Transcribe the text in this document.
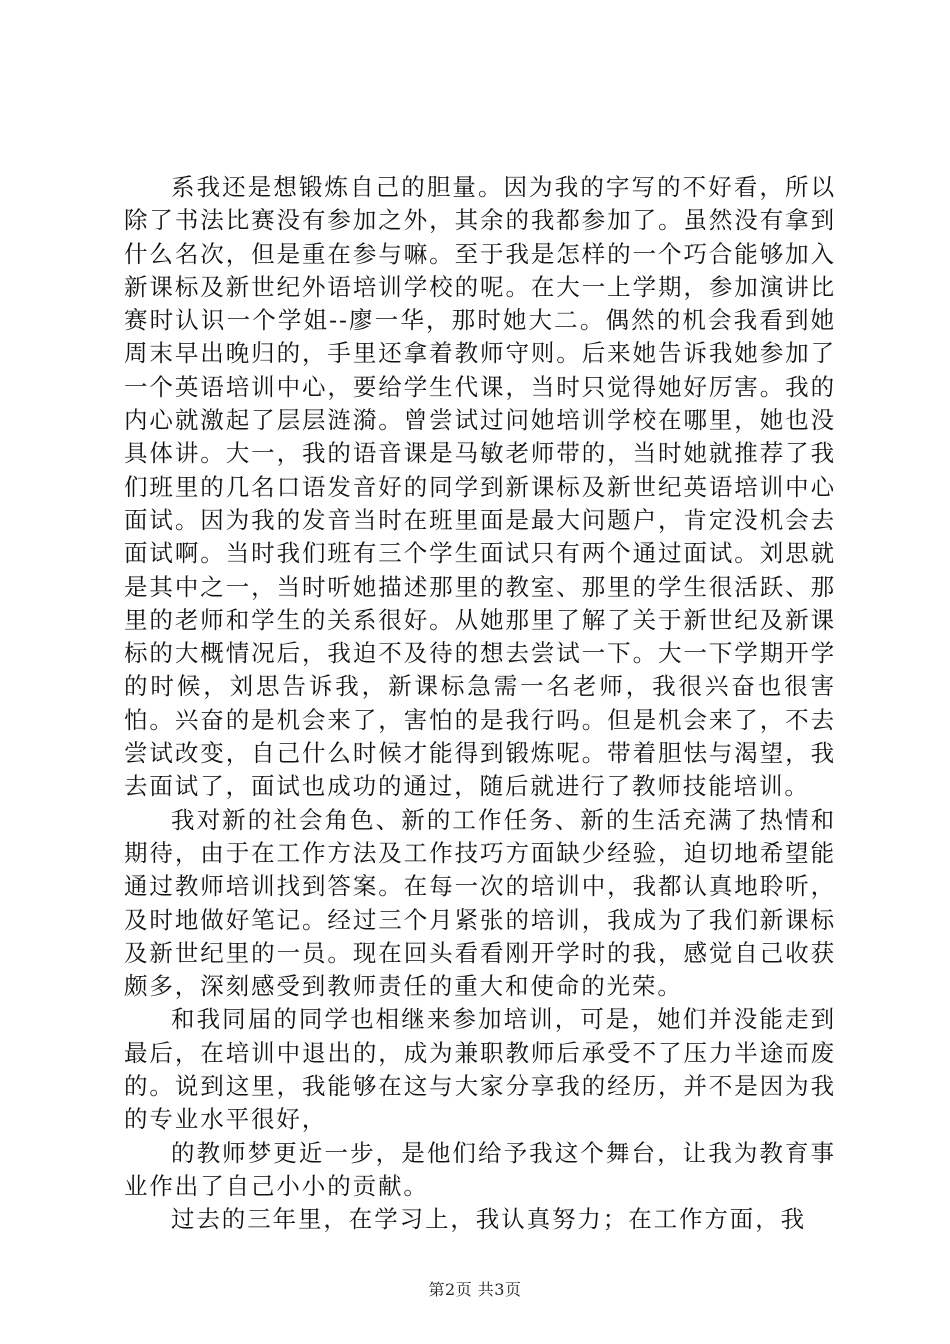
系我还是想锻炼自己的胆量。因为我的字写的不好看，所以除了书法比赛没有参加之外，其余的我都参加了。虽然没有拿到什么名次，但是重在参与嘛。至于我是怎样的一个巧合能够加入新课标及新世纪外语培训学校的呢。在大一上学期，参加演讲比赛时认识一个学姐--廖一华，那时她大二。偶然的机会我看到她周末早出晚归的，手里还拿着教师守则。后来她告诉我她参加了一个英语培训中心，要给学生代课，当时只觉得她好厉害。我的内心就激起了层层涟漪。曾尝试过问她培训学校在哪里，她也没具体讲。大一，我的语音课是马敏老师带的，当时她就推荐了我们班里的几名口语发音好的同学到新课标及新世纪英语培训中心面试。因为我的发音当时在班里面是最大问题户，肯定没机会去面试啊。当时我们班有三个学生面试只有两个通过面试。刘思就是其中之一，当时听她描述那里的教室、那里的学生很活跃、那里的老师和学生的关系很好。从她那里了解了关于新世纪及新课标的大概情况后，我迫不及待的想去尝试一下。大一下学期开学的时候，刘思告诉我，新课标急需一名老师，我很兴奋也很害怕。兴奋的是机会来了，害怕的是我行吗。但是机会来了，不去尝试改变，自己什么时候才能得到锻炼呢。带着胆怯与渴望，我去面试了，面试也成功的通过，随后就进行了教师技能培训。

我对新的社会角色、新的工作任务、新的生活充满了热情和期待，由于在工作方法及工作技巧方面缺少经验，迫切地希望能通过教师培训找到答案。在每一次的培训中，我都认真地聆听，及时地做好笔记。经过三个月紧张的培训，我成为了我们新课标及新世纪里的一员。现在回头看看刚开学时的我，感觉自己收获颇多，深刻感受到教师责任的重大和使命的光荣。

和我同届的同学也相继来参加培训，可是，她们并没能走到最后，在培训中退出的，成为兼职教师后承受不了压力半途而废的。说到这里，我能够在这与大家分享我的经历，并不是因为我的专业水平很好，

的教师梦更近一步，是他们给予我这个舞台，让我为教育事业作出了自己小小的贡献。

过去的三年里，在学习上，我认真努力；在工作方面，我

第2页 共3页
